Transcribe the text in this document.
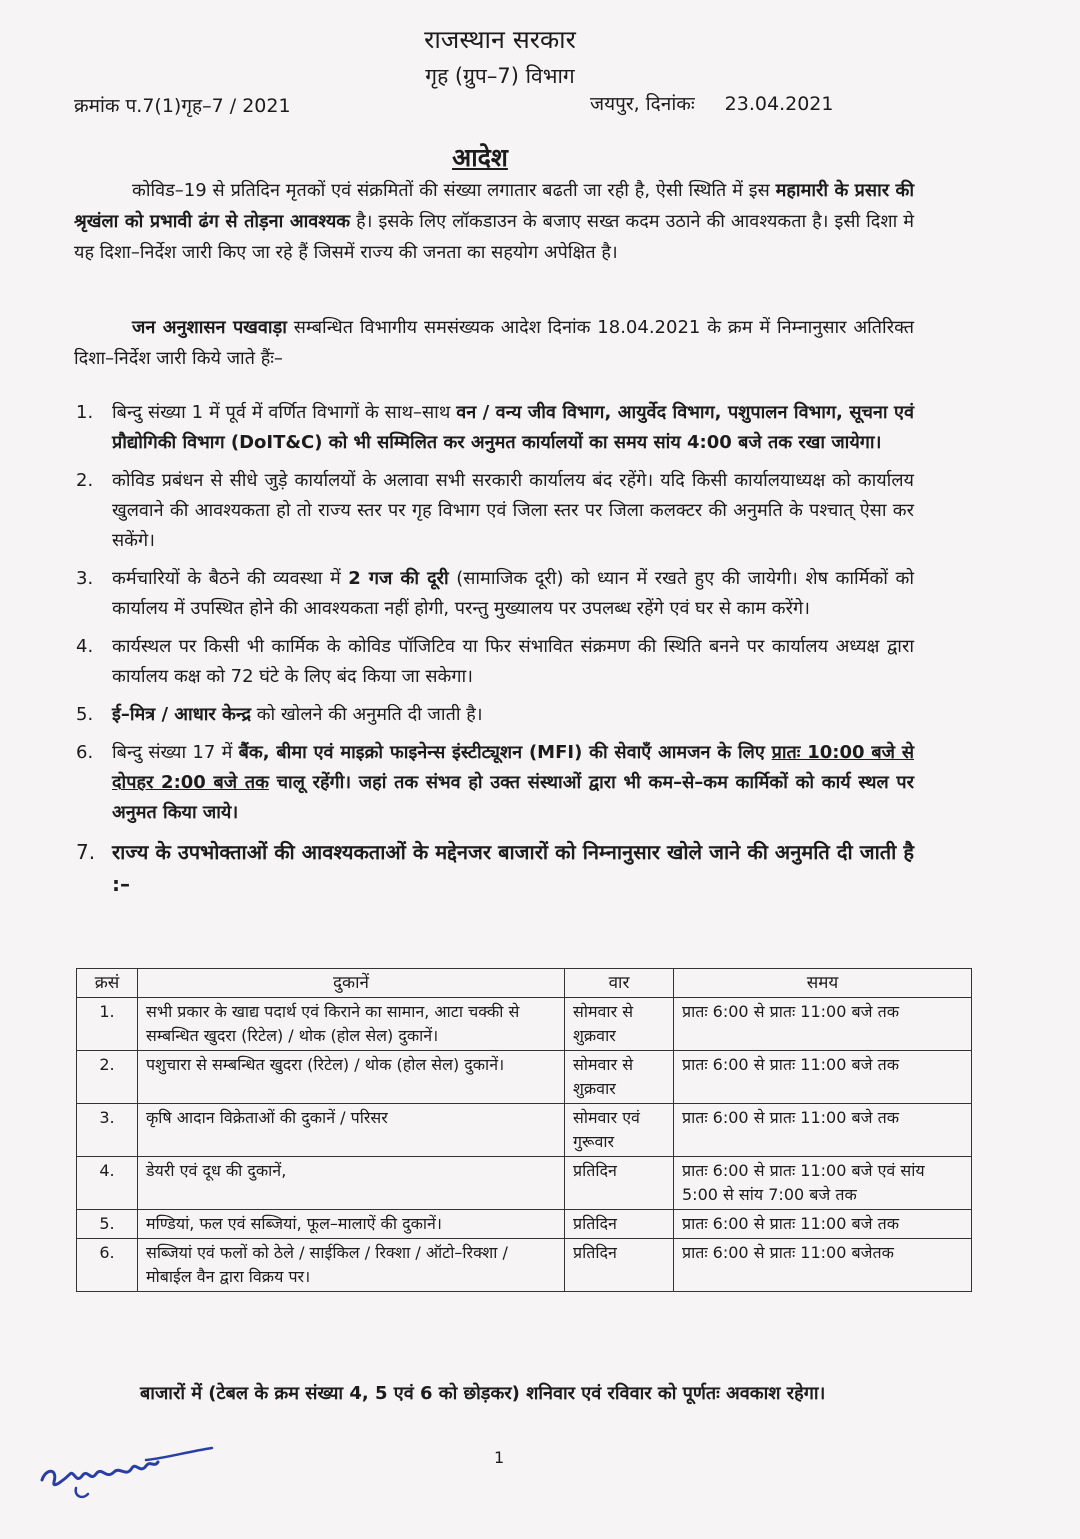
राजस्थान सरकार
गृह (ग्रुप–7) विभाग
क्रमांक प.7(1)गृह–7 / 2021	जयपुर, दिनांकः 23.04.2021
आदेश
कोविड–19 से प्रतिदिन मृतकों एवं संक्रमितों की संख्या लगातार बढती जा रही है, ऐसी स्थिति में इस महामारी के प्रसार की श्रृखंला को प्रभावी ढंग से तोड़ना आवश्यक है। इसके लिए लॉकडाउन के बजाए सख्त कदम उठाने की आवश्यकता है। इसी दिशा मे यह दिशा–निर्देश जारी किए जा रहे हैं जिसमें राज्य की जनता का सहयोग अपेक्षित है।
जन अनुशासन पखवाड़ा सम्बन्धित विभागीय समसंख्यक आदेश दिनांक 18.04.2021 के क्रम में निम्नानुसार अतिरिक्त दिशा–निर्देश जारी किये जाते हैंः–
1. बिन्दु संख्या 1 में पूर्व में वर्णित विभागों के साथ–साथ वन / वन्य जीव विभाग, आयुर्वेद विभाग, पशुपालन विभाग, सूचना एवं प्रौद्योगिकी विभाग (DoIT&C) को भी सम्मिलित कर अनुमत कार्यालयों का समय सांय 4:00 बजे तक रखा जायेगा।
2. कोविड प्रबंधन से सीधे जुड़े कार्यालयों के अलावा सभी सरकारी कार्यालय बंद रहेंगे। यदि किसी कार्यालयाध्यक्ष को कार्यालय खुलवाने की आवश्यकता हो तो राज्य स्तर पर गृह विभाग एवं जिला स्तर पर जिला कलक्टर की अनुमति के पश्चात् ऐसा कर सकेंगे।
3. कर्मचारियों के बैठने की व्यवस्था में 2 गज की दूरी (सामाजिक दूरी) को ध्यान में रखते हुए की जायेगी। शेष कार्मिकों को कार्यालय में उपस्थित होने की आवश्यकता नहीं होगी, परन्तु मुख्यालय पर उपलब्ध रहेंगे एवं घर से काम करेंगे।
4. कार्यस्थल पर किसी भी कार्मिक के कोविड पॉजिटिव या फिर संभावित संक्रमण की स्थिति बनने पर कार्यालय अध्यक्ष द्वारा कार्यालय कक्ष को 72 घंटे के लिए बंद किया जा सकेगा।
5. ई–मित्र / आधार केन्द्र को खोलने की अनुमति दी जाती है।
6. बिन्दु संख्या 17 में बैंक, बीमा एवं माइक्रो फाइनेन्स इंस्टीट्यूशन (MFI) की सेवाएँ आमजन के लिए प्रातः 10:00 बजे से दोपहर 2:00 बजे तक चालू रहेंगी। जहां तक संभव हो उक्त संस्थाओं द्वारा भी कम–से–कम कार्मिकों को कार्य स्थल पर अनुमत किया जाये।
7. राज्य के उपभोक्ताओं की आवश्यकताओं के मद्देनजर बाजारों को निम्नानुसार खोले जाने की अनुमति दी जाती है :–
क्रसं	दुकानें	वार	समय
1.	सभी प्रकार के खाद्य पदार्थ एवं किराने का सामान, आटा चक्की से सम्बन्धित खुदरा (रिटेल) / थोक (होल सेल) दुकानें।	सोमवार से शुक्रवार	प्रातः 6:00 से प्रातः 11:00 बजे तक
2.	पशुचारा से सम्बन्धित खुदरा (रिटेल) / थोक (होल सेल) दुकानें।	सोमवार से शुक्रवार	प्रातः 6:00 से प्रातः 11:00 बजे तक
3.	कृषि आदान विक्रेताओं की दुकानें / परिसर	सोमवार एवं गुरूवार	प्रातः 6:00 से प्रातः 11:00 बजे तक
4.	डेयरी एवं दूध की दुकानें,	प्रतिदिन	प्रातः 6:00 से प्रातः 11:00 बजे एवं सांय 5:00 से सांय 7:00 बजे तक
5.	मण्डियां, फल एवं सब्जियां, फूल–मालाऐं की दुकानें।	प्रतिदिन	प्रातः 6:00 से प्रातः 11:00 बजे तक
6.	सब्जियां एवं फलों को ठेले / साईकिल / रिक्शा / ऑटो–रिक्शा / मोबाईल वैन द्वारा विक्रय पर।	प्रतिदिन	प्रातः 6:00 से प्रातः 11:00 बजेतक
बाजारों में (टेबल के क्रम संख्या 4, 5 एवं 6 को छोड़कर) शनिवार एवं रविवार को पूर्णतः अवकाश रहेगा।
1
